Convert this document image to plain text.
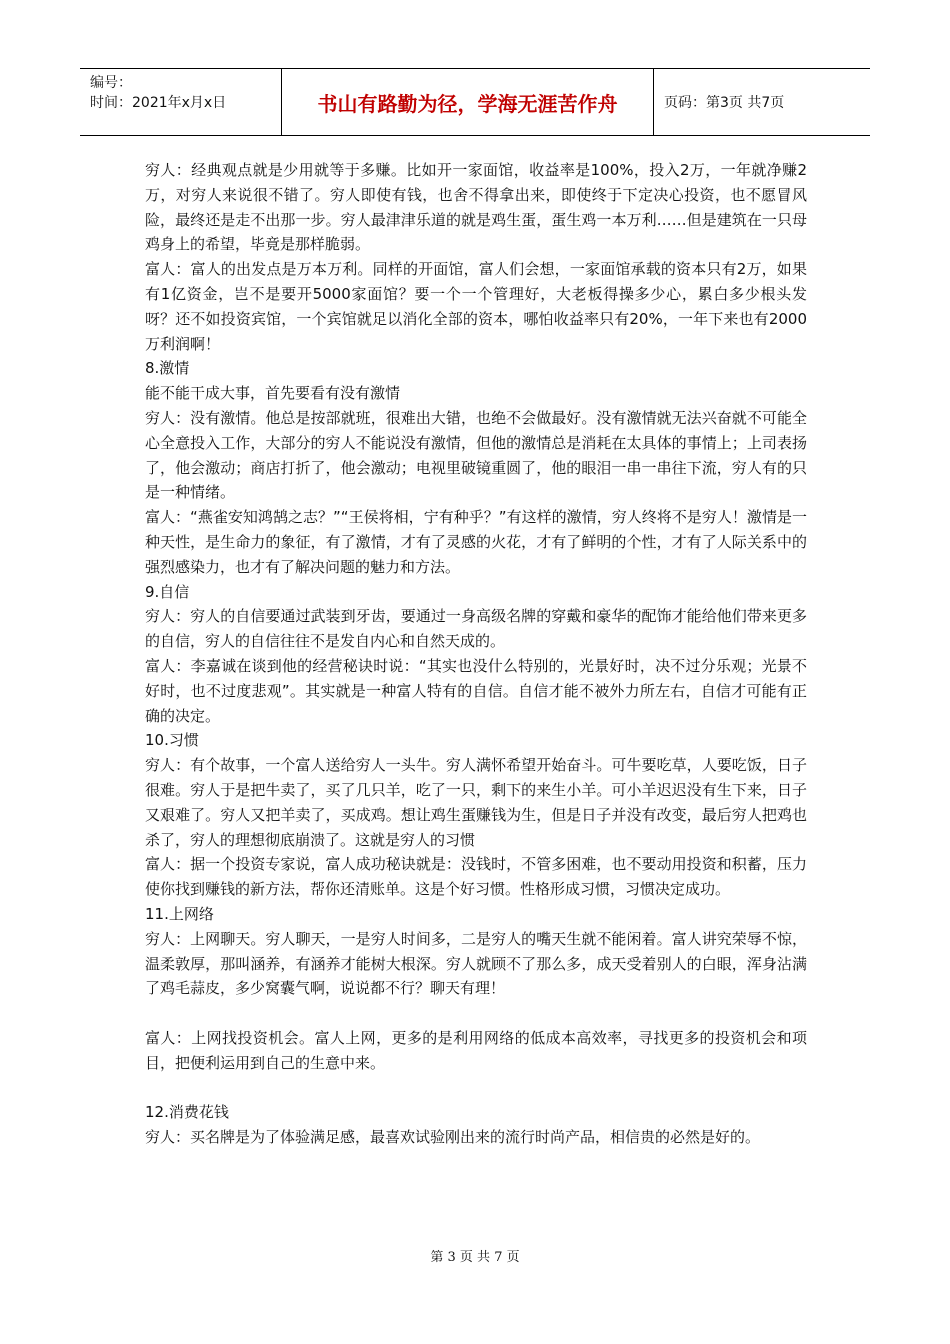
编号：
时间：2021年x月x日	书山有路勤为径，学海无涯苦作舟	页码：第3页 共7页

穷人：经典观点就是少用就等于多赚。比如开一家面馆，收益率是100%，投入2万，一年就净赚2万，对穷人来说很不错了。穷人即使有钱，也舍不得拿出来，即使终于下定决心投资，也不愿冒风险，最终还是走不出那一步。穷人最津津乐道的就是鸡生蛋，蛋生鸡一本万利……但是建筑在一只母鸡身上的希望，毕竟是那样脆弱。

富人：富人的出发点是万本万利。同样的开面馆，富人们会想，一家面馆承载的资本只有2万，如果有1亿资金，岂不是要开5000家面馆？要一个一个管理好，大老板得操多少心，累白多少根头发呀？还不如投资宾馆，一个宾馆就足以消化全部的资本，哪怕收益率只有20%，一年下来也有2000万利润啊！

8.激情

能不能干成大事，首先要看有没有激情

穷人：没有激情。他总是按部就班，很难出大错，也绝不会做最好。没有激情就无法兴奋就不可能全心全意投入工作，大部分的穷人不能说没有激情，但他的激情总是消耗在太具体的事情上；上司表扬了，他会激动；商店打折了，他会激动；电视里破镜重圆了，他的眼泪一串一串往下流，穷人有的只是一种情绪。

富人：“燕雀安知鸿鹄之志？”“王侯将相，宁有种乎？”有这样的激情，穷人终将不是穷人！激情是一种天性，是生命力的象征，有了激情，才有了灵感的火花，才有了鲜明的个性，才有了人际关系中的强烈感染力，也才有了解决问题的魅力和方法。

9.自信

穷人：穷人的自信要通过武装到牙齿，要通过一身高级名牌的穿戴和豪华的配饰才能给他们带来更多的自信，穷人的自信往往不是发自内心和自然天成的。

富人：李嘉诚在谈到他的经营秘诀时说：“其实也没什么特别的，光景好时，决不过分乐观；光景不好时，也不过度悲观”。其实就是一种富人特有的自信。自信才能不被外力所左右，自信才可能有正确的决定。

10.习惯

穷人：有个故事，一个富人送给穷人一头牛。穷人满怀希望开始奋斗。可牛要吃草，人要吃饭，日子很难。穷人于是把牛卖了，买了几只羊，吃了一只，剩下的来生小羊。可小羊迟迟没有生下来，日子又艰难了。穷人又把羊卖了，买成鸡。想让鸡生蛋赚钱为生，但是日子并没有改变，最后穷人把鸡也杀了，穷人的理想彻底崩溃了。这就是穷人的习惯

富人：据一个投资专家说，富人成功秘诀就是：没钱时，不管多困难，也不要动用投资和积蓄，压力使你找到赚钱的新方法，帮你还清账单。这是个好习惯。性格形成习惯，习惯决定成功。

11.上网络

穷人：上网聊天。穷人聊天，一是穷人时间多，二是穷人的嘴天生就不能闲着。富人讲究荣辱不惊，温柔敦厚，那叫涵养，有涵养才能树大根深。穷人就顾不了那么多，成天受着别人的白眼，浑身沾满了鸡毛蒜皮，多少窝囊气啊，说说都不行？聊天有理！

富人：上网找投资机会。富人上网，更多的是利用网络的低成本高效率，寻找更多的投资机会和项目，把便利运用到自己的生意中来。

12.消费花钱

穷人：买名牌是为了体验满足感，最喜欢试验刚出来的流行时尚产品，相信贵的必然是好的。

第 3 页 共 7 页
